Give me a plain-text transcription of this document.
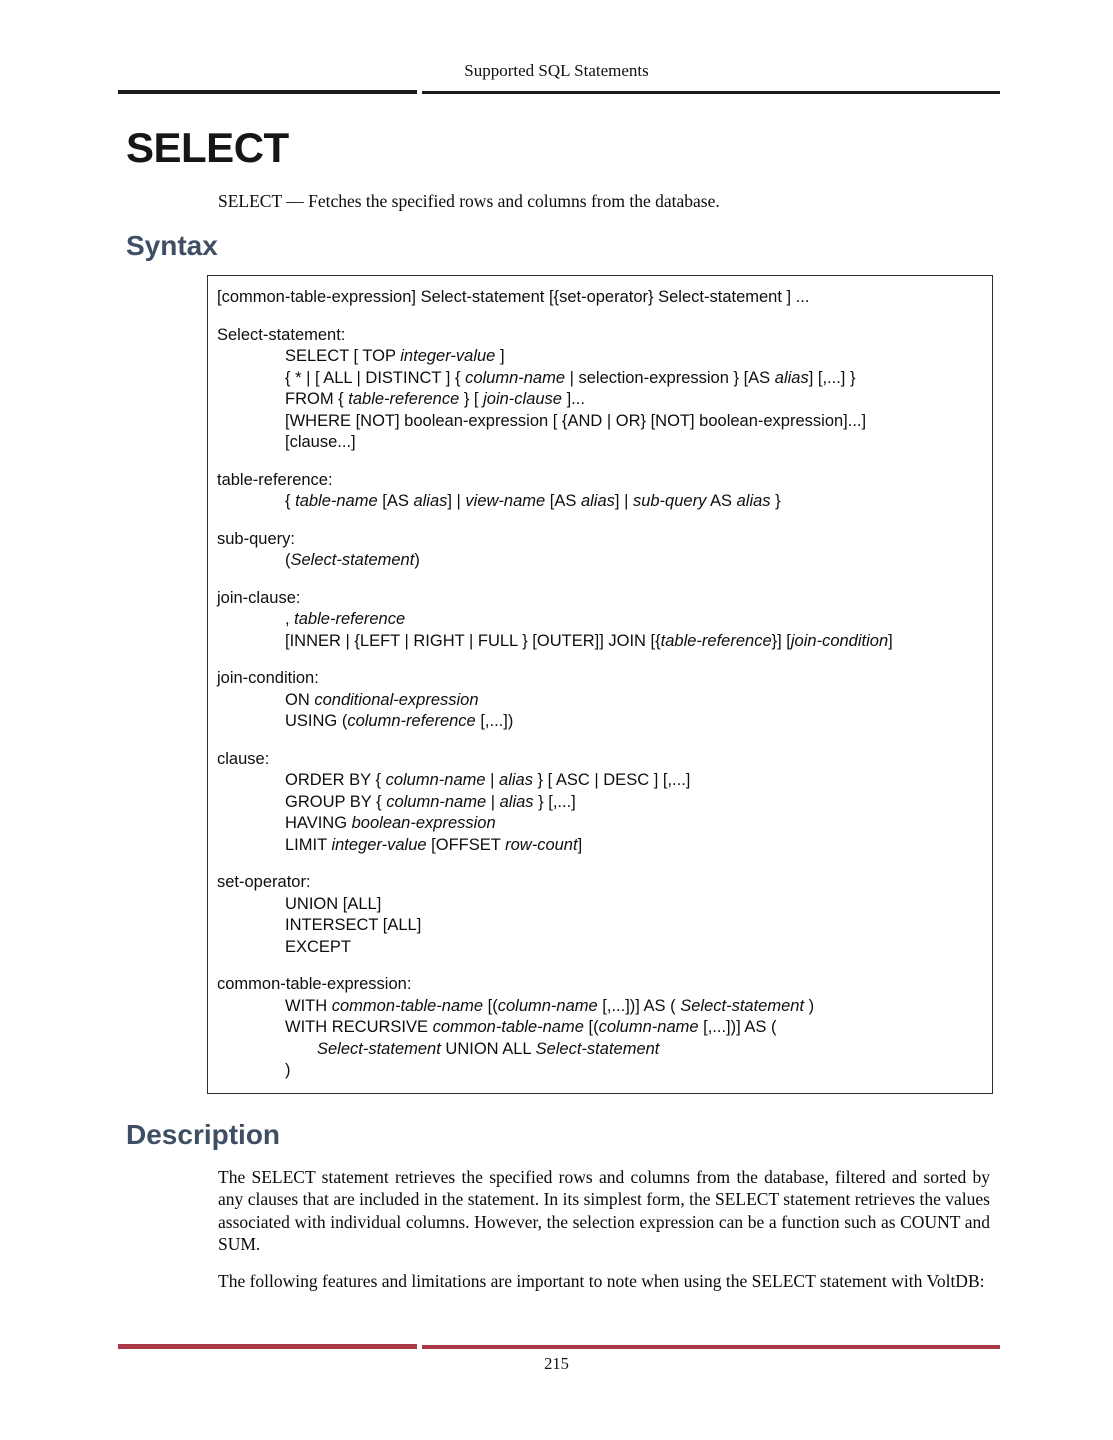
Supported SQL Statements
SELECT
SELECT — Fetches the specified rows and columns from the database.
Syntax
[common-table-expression] Select-statement [{set-operator} Select-statement ] ...
Select-statement:
SELECT [ TOP integer-value ]
{ * | [ ALL | DISTINCT ] { column-name | selection-expression } [AS alias] [,...] }
FROM { table-reference } [ join-clause ]...
[WHERE [NOT] boolean-expression [ {AND | OR} [NOT] boolean-expression]...]
[clause...]
table-reference:
{ table-name [AS alias] | view-name [AS alias] | sub-query AS alias }
sub-query:
(Select-statement)
join-clause:
, table-reference
[INNER | {LEFT | RIGHT | FULL } [OUTER]] JOIN [{table-reference}] [join-condition]
join-condition:
ON conditional-expression
USING (column-reference [,...])
clause:
ORDER BY { column-name | alias } [ ASC | DESC ] [,...]
GROUP BY { column-name | alias } [,...]
HAVING boolean-expression
LIMIT integer-value [OFFSET row-count]
set-operator:
UNION [ALL]
INTERSECT [ALL]
EXCEPT
common-table-expression:
WITH common-table-name [(column-name [,...])] AS ( Select-statement )
WITH RECURSIVE common-table-name [(column-name [,...])] AS (
Select-statement UNION ALL Select-statement
)
Description

The SELECT statement retrieves the specified rows and columns from the database, filtered and sorted by any clauses that are included in the statement. In its simplest form, the SELECT statement retrieves the values associated with individual columns. However, the selection expression can be a function such as COUNT and SUM.

The following features and limitations are important to note when using the SELECT statement with VoltDB:

215
